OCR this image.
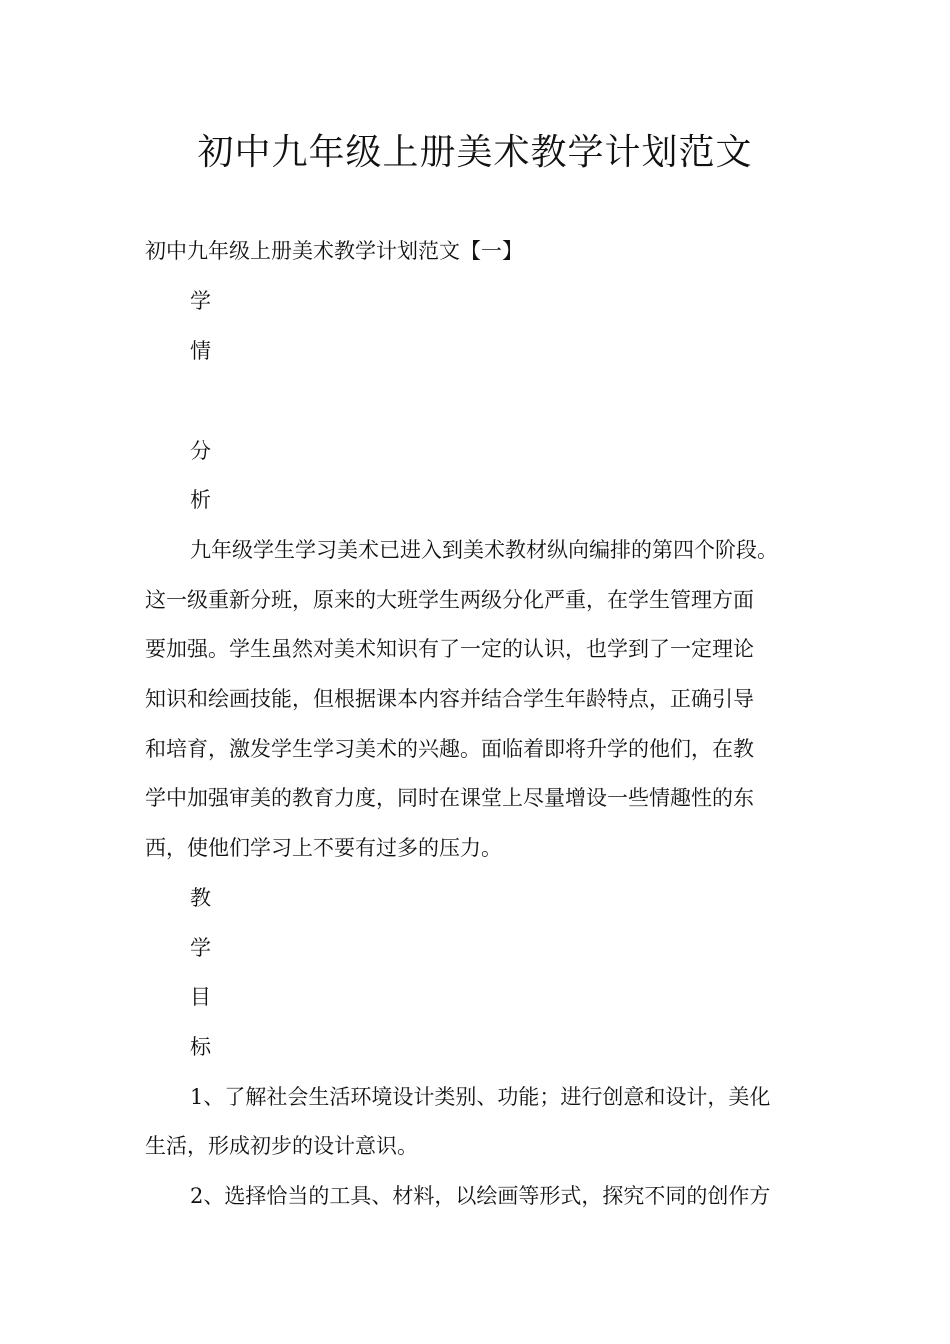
初中九年级上册美术教学计划范文

初中九年级上册美术教学计划范文【一】

学

情

分

析

九年级学生学习美术已进入到美术教材纵向编排的第四个阶段。

这一级重新分班，原来的大班学生两级分化严重，在学生管理方面

要加强。学生虽然对美术知识有了一定的认识，也学到了一定理论

知识和绘画技能，但根据课本内容并结合学生年龄特点，正确引导

和培育，激发学生学习美术的兴趣。面临着即将升学的他们，在教

学中加强审美的教育力度，同时在课堂上尽量增设一些情趣性的东

西，使他们学习上不要有过多的压力。

教

学

目

标

1、了解社会生活环境设计类别、功能；进行创意和设计，美化

生活，形成初步的设计意识。

2、选择恰当的工具、材料，以绘画等形式，探究不同的创作方
